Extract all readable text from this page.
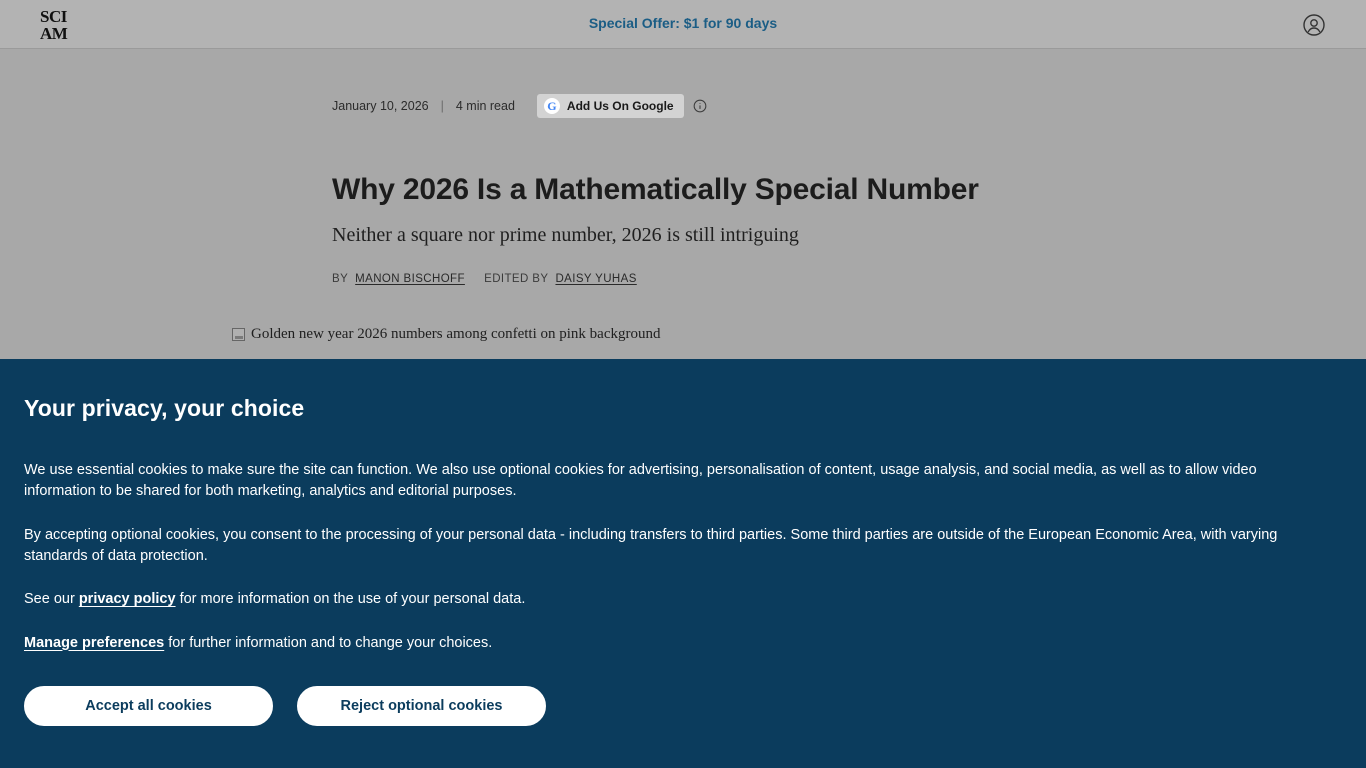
SCI
AM
Special Offer: $1 for 90 days
January 10, 2026 | 4 min read	G Add Us On Google
Why 2026 Is a Mathematically Special Number

Neither a square nor prime number, 2026 is still intriguing

BY MANON BISCHOFF EDITED BY DAISY YUHAS
Golden new year 2026 numbers among confetti on pink background
Your privacy, your choice

We use essential cookies to make sure the site can function. We also use optional cookies for advertising, personalisation of content, usage analysis, and social media, as well as to allow video information to be shared for both marketing, analytics and editorial purposes.

By accepting optional cookies, you consent to the processing of your personal data - including transfers to third parties. Some third parties are outside of the European Economic Area, with varying standards of data protection.

See our privacy policy for more information on the use of your personal data.

Manage preferences for further information and to change your choices.

Accept all cookies	Reject optional cookies
